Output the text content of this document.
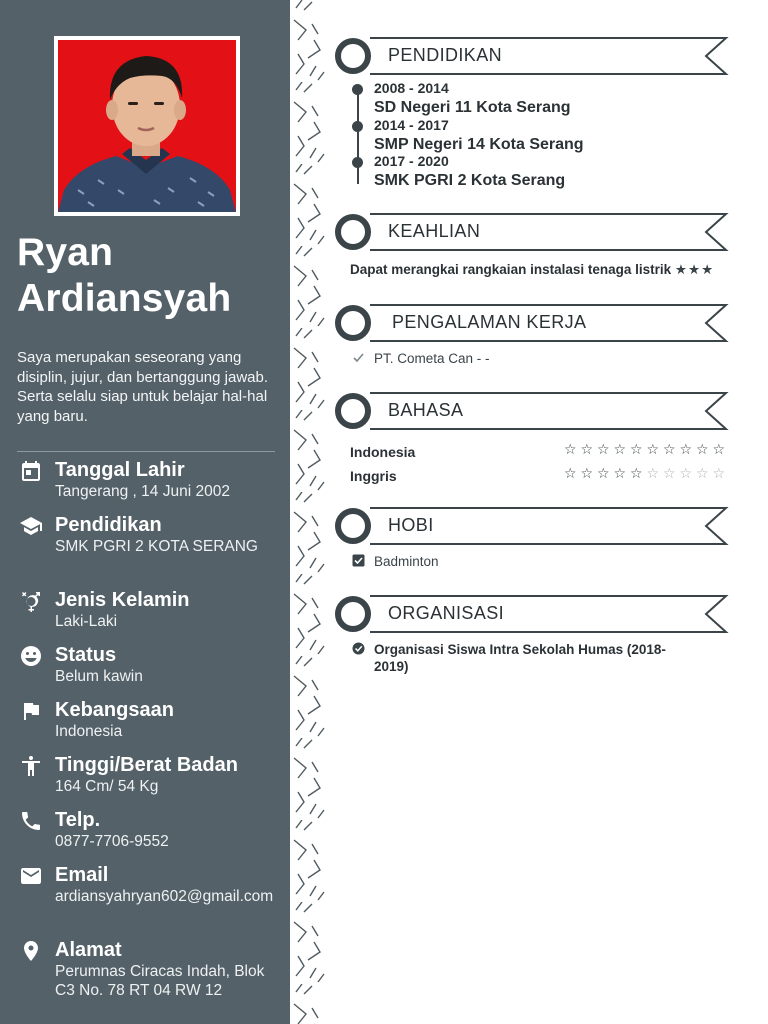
Ryan Ardiansyah
Saya merupakan seseorang yang disiplin, jujur, dan bertanggung jawab. Serta selalu siap untuk belajar hal-hal yang baru.
Tanggal Lahir
Tangerang , 14 Juni 2002
Pendidikan
SMK PGRI 2 KOTA SERANG
Jenis Kelamin
Laki-Laki
Status
Belum kawin
Kebangsaan
Indonesia
Tinggi/Berat Badan
164 Cm/ 54 Kg
Telp.
0877-7706-9552
Email
ardiansyahryan602@gmail.com
Alamat
Perumnas Ciracas Indah, Blok C3 No. 78 RT 04 RW 12
PENDIDIKAN
2008 - 2014
SD Negeri 11 Kota Serang
2014 - 2017
SMP Negeri 14 Kota Serang
2017 - 2020
SMK PGRI 2 Kota Serang
KEAHLIAN
Dapat merangkai rangkaian instalasi tenaga listrik ★★★
PENGALAMAN KERJA
PT. Cometa Can - -
BAHASA
Indonesia	☆ ☆ ☆ ☆ ☆ ☆ ☆ ☆ ☆ ☆
Inggris	☆ ☆ ☆ ☆ ☆ ☆ ☆ ☆ ☆ ☆
HOBI
Badminton
ORGANISASI
Organisasi Siswa Intra Sekolah Humas (2018-2019)
